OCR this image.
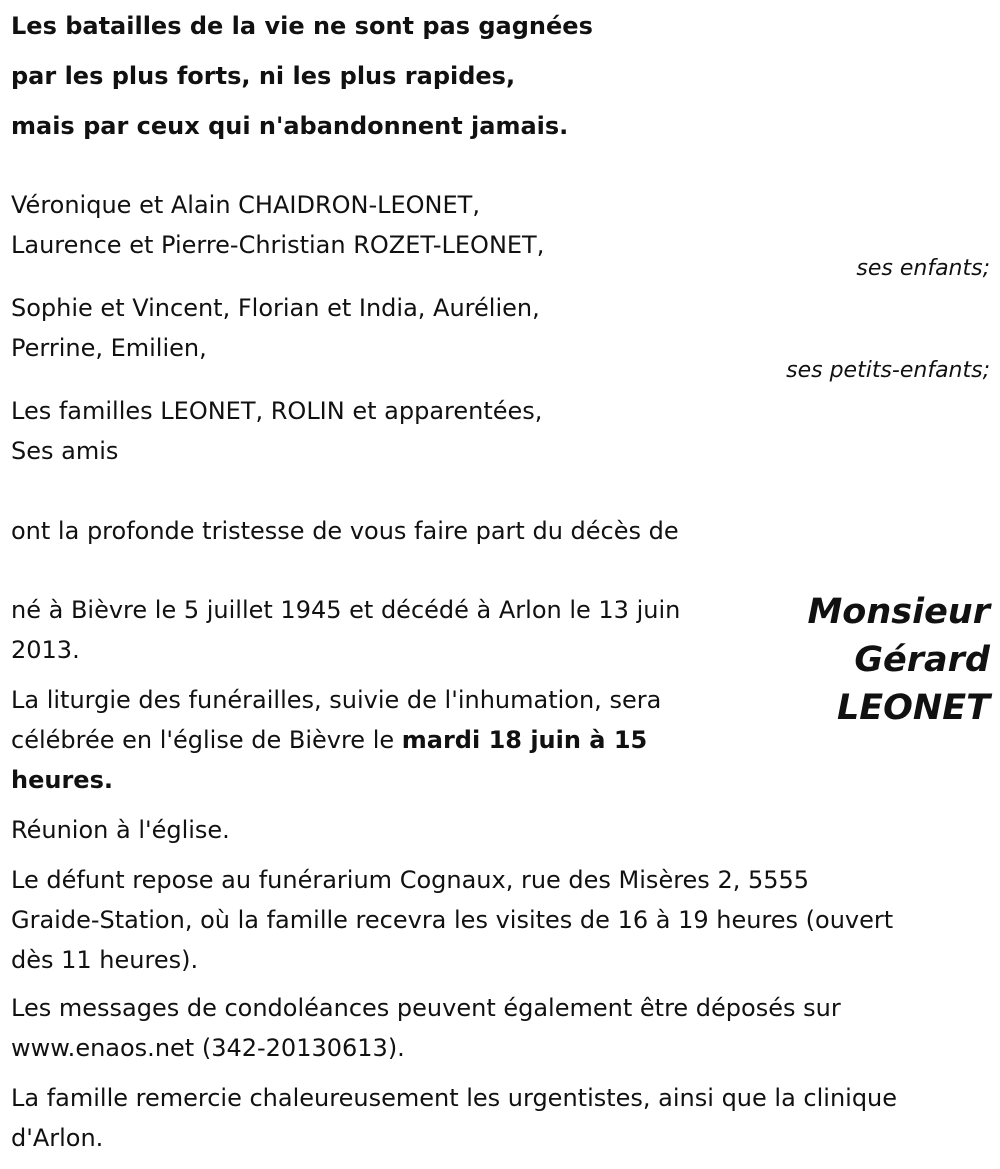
Les batailles de la vie ne sont pas gagnées
par les plus forts, ni les plus rapides,
mais par ceux qui n'abandonnent jamais.
Véronique et Alain CHAIDRON-LEONET,
Laurence et Pierre-Christian ROZET-LEONET,
ses enfants;
Sophie et Vincent, Florian et India, Aurélien,
Perrine, Emilien,
ses petits-enfants;
Les familles LEONET, ROLIN et apparentées,
Ses amis
ont la profonde tristesse de vous faire part du décès de
Monsieur
Gérard
LEONET
né à Bièvre le 5 juillet 1945 et décédé à Arlon le 13 juin
2013.
La liturgie des funérailles, suivie de l'inhumation, sera
célébrée en l'église de Bièvre le mardi 18 juin à 15
heures.
Réunion à l'église.
Le défunt repose au funérarium Cognaux, rue des Misères 2, 5555
Graide-Station, où la famille recevra les visites de 16 à 19 heures (ouvert
dès 11 heures).
Les messages de condoléances peuvent également être déposés sur
www.enaos.net (342-20130613).
La famille remercie chaleureusement les urgentistes, ainsi que la clinique
d'Arlon.
